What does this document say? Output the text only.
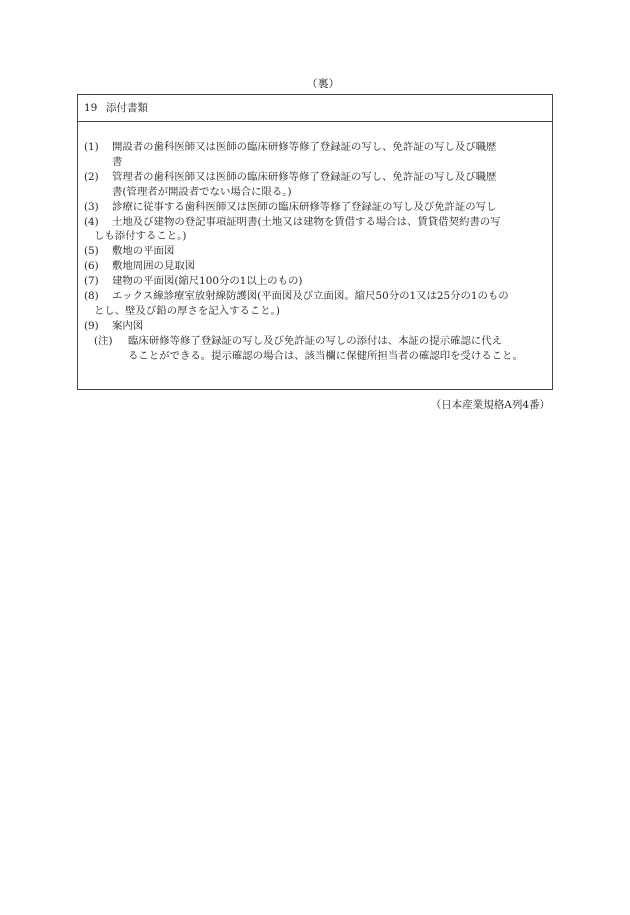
（裏）
19 添付書類
(1)	開設者の歯科医師又は医師の臨床研修等修了登録証の写し、免許証の写し及び職歴
書
(2)	管理者の歯科医師又は医師の臨床研修等修了登録証の写し、免許証の写し及び職歴
書(管理者が開設者でない場合に限る。)
(3)	診療に従事する歯科医師又は医師の臨床研修等修了登録証の写し及び免許証の写し
(4)	土地及び建物の登記事項証明書(土地又は建物を賃借する場合は、賃貸借契約書の写
しも添付すること。)
(5)	敷地の平面図
(6)	敷地周囲の見取図
(7)	建物の平面図(縮尺100分の1以上のもの)
(8)	エックス線診療室放射線防護図(平面図及び立面図。縮尺50分の1又は25分の1のもの
とし、壁及び鉛の厚さを記入すること。)
(9)	案内図
(注)	臨床研修等修了登録証の写し及び免許証の写しの添付は、本証の提示確認に代え
ることができる。提示確認の場合は、該当欄に保健所担当者の確認印を受けること。
（日本産業規格A列4番）
